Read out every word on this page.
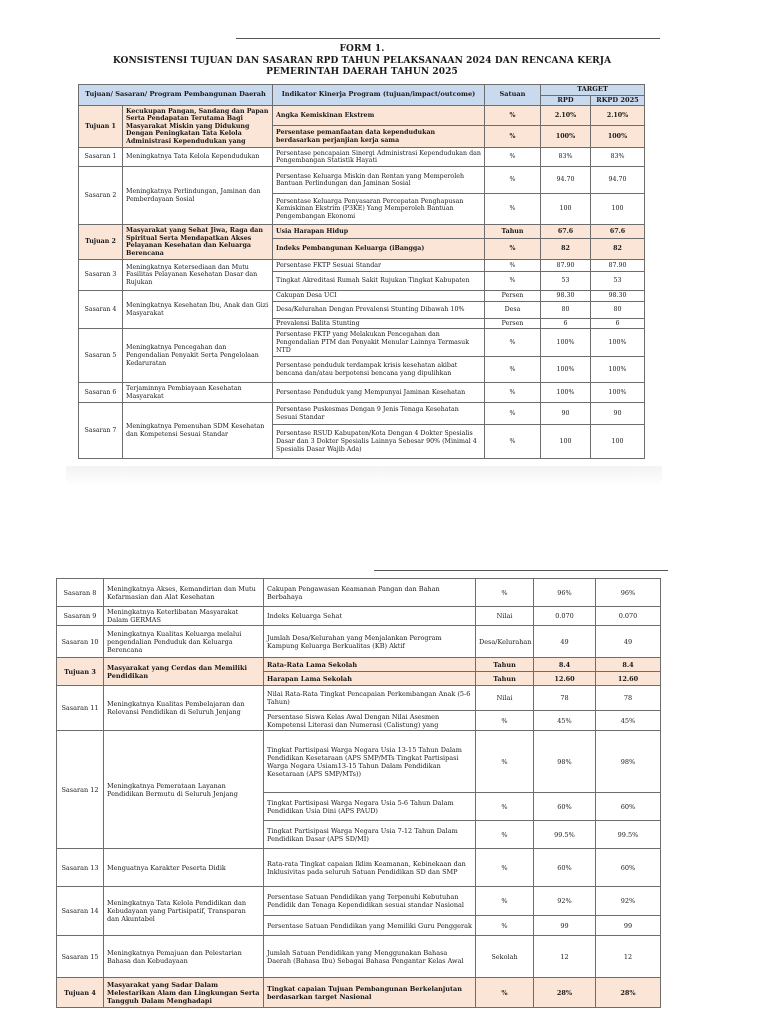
FORM 1.
KONSISTENSI TUJUAN DAN SASARAN RPD TAHUN PELAKSANAAN 2024 DAN RENCANA KERJA PEMERINTAH DAERAH TAHUN 2025
Tujuan/ Sasaran/ Program Pembangunan Daerah		Indikator Kinerja Program (tujuan/impact/outcome)	Satuan	TARGET	
				RPD	RKPD 2025
Tujuan 1	Kecukupan Pangan, Sandang dan Papan Serta Pendapatan Terutama Bagi Masyarakat Miskin yang Didukung Dengan Peningkatan Tata Kelola Administrasi Kependudukan yang	Angka Kemiskinan Ekstrem	%	2.10%	2.10%
		Persentase pemanfaatan data kependudukan berdasarkan perjanjian kerja sama	%	100%	100%
Sasaran 1	Meningkatnya Tata Kelola Kependudukan	Persentase pencapaian Sinergi Administrasi Kependudukan dan Pengembangan Statistik Hayati	%	83%	83%
Sasaran 2	Meningkatnya Perlindungan, Jaminan dan Pemberdayaan Sosial	Persentase Keluarga Miskin dan Rentan yang Memperoleh Bantuan Perlindungan dan Jaminan Sosial	%	94.70	94.70
		Persentase Keluarga Penyasaran Percepatan Penghapusan Kemiskinan Ekstrim (P3KE) Yang Memperoleh Bantuan Pengembangan Ekonomi	%	100	100
Tujuan 2	Masyarakat yang Sehat Jiwa, Raga dan Spiritual Serta Mendapatkan Akses Pelayanan Kesehatan dan Keluarga Berencana	Usia Harapan Hidup	Tahun	67.6	67.6
		Indeks Pembangunan Keluarga (iBangga)	%	82	82
Sasaran 3	Meningkatnya Ketersediaan dan Mutu Fasilitas Pelayanan Kesehatan Dasar dan Rujukan	Persentase FKTP Sesuai Standar	%	87.90	87.90
		Tingkat Akreditasi Rumah Sakit Rujukan Tingkat Kabupaten	%	53	53
Sasaran 4	Meningkatnya Kesehatan Ibu, Anak dan Gizi Masyarakat	Cakupan Desa UCI	Persen	98.30	98.30
		Desa/Kelurahan Dengan Prevalensi Stunting Dibawah 10%	Desa	80	80
		Prevalensi Balita Stunting	Persen	6	6
Sasaran 5	Meningkatnya Pencegahan dan Pengendalian Penyakit Serta Pengelolaan Kedaruratan	Persentase FKTP yang Melakukan Pencegahan dan Pengendalian PTM dan Penyakit Menular Lainnya Termasuk NTD	%	100%	100%
		Persentase penduduk terdampak krisis kesehatan akibat bencana dan/atau berpotensi bencana yang dipulihkan	%	100%	100%
Sasaran 6	Terjaminnya Pembiayaan Kesehatan Masyarakat	Persentase Penduduk yang Mempunyai Jaminan Kesehatan	%	100%	100%
Sasaran 7	Meningkatnya Pemenuhan SDM Kesehatan dan Kompetensi Sesuai Standar	Persentase Puskesmas Dengan 9 Jenis Tenaga Kesehatan Sesuai Standar	%	90	90
		Persentase RSUD Kabupaten/Kota Dengan 4 Dokter Spesialis Dasar dan 3 Dokter Spesialis Lainnya Sebesar 90% (Minimal 4 Spesialis Dasar Wajib Ada)	%	100	100
Sasaran 8	Meningkatnya Akses, Kemandirian dan Mutu Kefarmasian dan Alat Kesehatan	Cakupan Pengawasan Keamanan Pangan dan Bahan Berbahaya	%	96%	96%
Sasaran 9	Meningkatnya Keterlibatan Masyarakat Dalam GERMAS	Indeks Keluarga Sehat	Nilai	0.070	0.070
Sasaran 10	Meningkatnya Kualitas Keluarga melalui pengendalian Penduduk dan Keluarga Berencana	Jumlah Desa/Kelurahan yang Menjalankan Perogram Kampung Keluarga Berkualitas (KB) Aktif	Desa/Kelurahan	49	49
Tujuan 3	Masyarakat yang Cerdas dan Memiliki Pendidikan	Rata-Rata Lama Sekolah	Tahun	8.4	8.4
		Harapan Lama Sekolah	Tahun	12.60	12.60
Sasaran 11	Meningkatnya Kualitas Pembelajaran dan Relevansi Pendidikan di Seluruh Jenjang	Nilai Rata-Rata Tingkat Pencapaian Perkembangan Anak (5-6 Tahun)	Nilai	78	78
		Persentase Siswa Kelas Awal Dengan Nilai Asesmen Kompetensi Literasi dan Numerasi (Calistung) yang	%	45%	45%
Sasaran 12	Meningkatnya Pemerataan Layanan Pendidikan Bermutu di Seluruh Jenjang	Tingkat Partisipasi Warga Negara Usia 13-15 Tahun Dalam Pendidikan Kesetaraan (APS SMP/MTs Tingkat Partisipasi Warga Negara Usiam13-15 Tahun Dalam Pendidikan Kesetaraan (APS SMP/MTs))	%	98%	98%
		Tingkat Partisipasi Warga Negara Usia 5-6 Tahun Dalam Pendidikan Usia Dini (APS PAUD)	%	60%	60%
		Tingkat Partisipasi Warga Negara Usia 7-12 Tahun Dalam Pendidikan Dasar (APS SD/MI)	%	99.5%	99.5%
Sasaran 13	Menguatnya Karakter Peserta Didik	Rata-rata Tingkat capaian Iklim Keamanan, Kebinekaan dan Inklusivitas pada seluruh Satuan Pendidikan SD dan SMP	%	60%	60%
Sasaran 14	Meningkatnya Tata Kelola Pendidikan dan Kebudayaan yang Partisipatif, Transparan dan Akuntabel	Persentase Satuan Pendidikan yang Terpenuhi Kebutuhan Pendidik dan Tenaga Kependidikan sesuai standar Nasional	%	92%	92%
		Persentase Satuan Pendidikan yang Memiliki Guru Penggerak	%	99	99
Sasaran 15	Meningkatnya Pemajuan dan Pelestarian Bahasa dan Kebudayaan	Jumlah Satuan Pendidikan yang Menggunakan Bahasa Daerah (Bahasa Ibu) Sebagai Bahasa Pengantar Kelas Awal	Sekolah	12	12
Tujuan 4	Masyarakat yang Sadar Dalam Melestarikan Alam dan Lingkungan Serta Tangguh Dalam Menghadapi	Tingkat capaian Tujuan Pembangunan Berkelanjutan berdasarkan target Nasional	%	28%	28%
